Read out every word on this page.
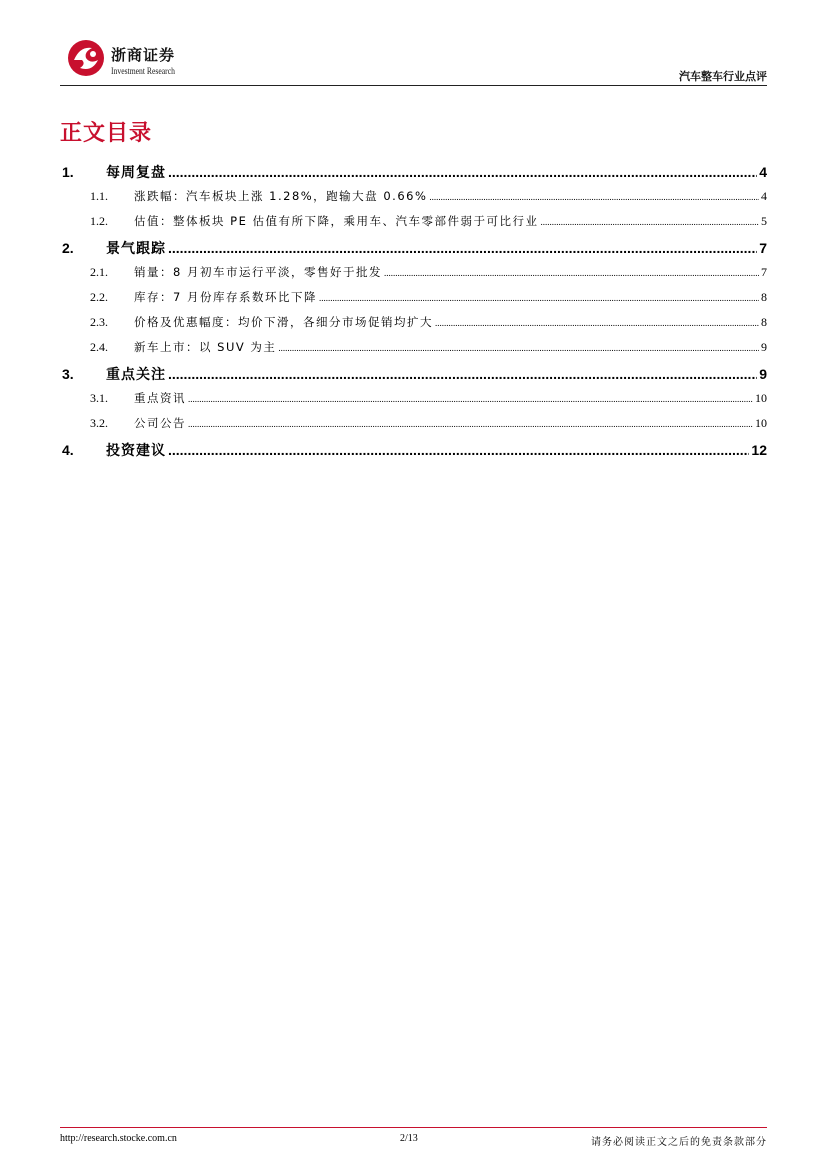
浙商证券
Investment Research	汽车整车行业点评
正文目录
1.	每周复盘 .....	4
1.1.	涨跌幅：汽车板块上涨 1.28%，跑输大盘 0.66% .....	4
1.2.	估值：整体板块 PE 估值有所下降，乘用车、汽车零部件弱于可比行业 .....	5
2.	景气跟踪 .....	7
2.1.	销量：8 月初车市运行平淡，零售好于批发 .....	7
2.2.	库存：7 月份库存系数环比下降 .....	8
2.3.	价格及优惠幅度：均价下滑，各细分市场促销均扩大 .....	8
2.4.	新车上市：以 SUV 为主 .....	9
3.	重点关注 .....	9
3.1.	重点资讯 .....	10
3.2.	公司公告 .....	10
4.	投资建议 .....	12
http://research.stocke.com.cn	2/13	请务必阅读正文之后的免责条款部分
